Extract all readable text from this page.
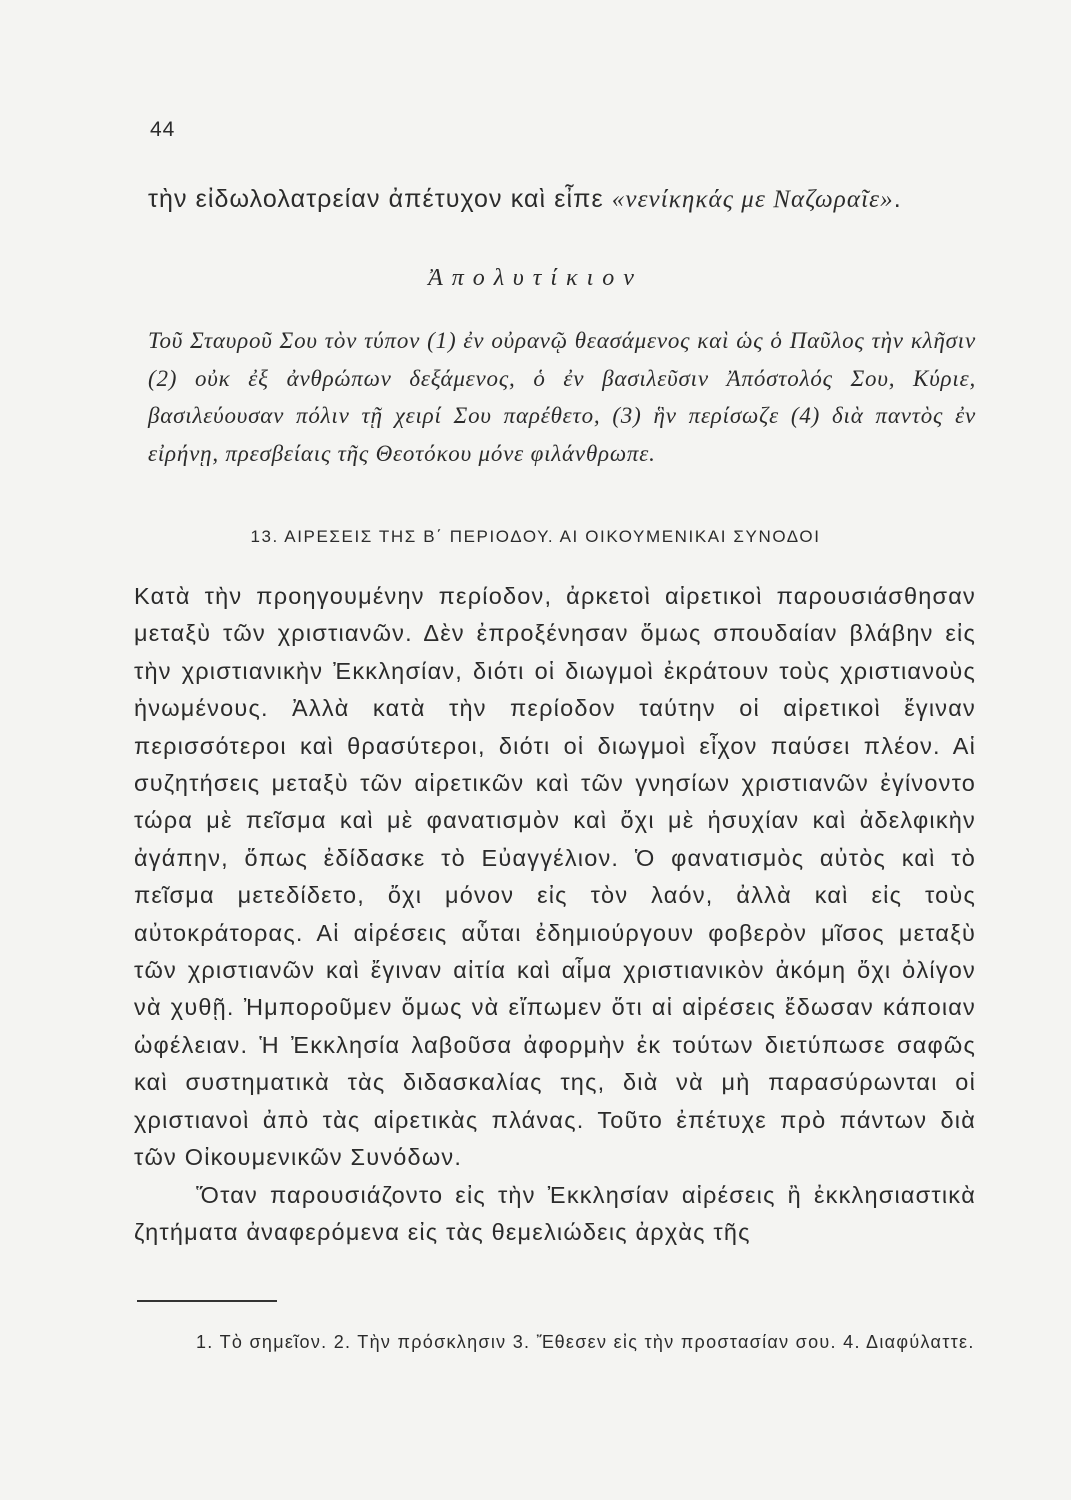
44
τὴν εἰδωλολατρείαν ἀπέτυχον καὶ εἶπε «νενίκηκάς με Ναζωραῖε».
Ἀπολυτίκιον
Τοῦ Σταυροῦ Σου τὸν τύπον (1) ἐν οὐρανῷ θεασάμενος καὶ ὡς ὁ Παῦλος τὴν κλῆσιν (2) οὐκ ἐξ ἀνθρώπων δεξάμενος, ὁ ἐν βασιλεῦσιν Ἀπόστολός Σου, Κύριε, βασιλεύουσαν πόλιν τῇ χειρί Σου παρέθετο, (3) ἣν περίσωζε (4) διὰ παντὸς ἐν εἰρήνῃ, πρεσβείαις τῆς Θεοτόκου μόνε φιλάνθρωπε.
13. ΑΙΡΕΣΕΙΣ ΤΗΣ Β΄ ΠΕΡΙΟΔΟΥ. ΑΙ ΟΙΚΟΥΜΕΝΙΚΑΙ ΣΥΝΟΔΟΙ

Κατὰ τὴν προηγουμένην περίοδον, ἀρκετοὶ αἱρετικοὶ παρουσιάσθησαν μεταξὺ τῶν χριστιανῶν. Δὲν ἐπροξένησαν ὅμως σπουδαίαν βλάβην εἰς τὴν χριστιανικὴν Ἐκκλησίαν, διότι οἱ διωγμοὶ ἐκράτουν τοὺς χριστιανοὺς ἡνωμένους. Ἀλλὰ κατὰ τὴν περίοδον ταύτην οἱ αἱρετικοὶ ἔγιναν περισσότεροι καὶ θρασύτεροι, διότι οἱ διωγμοὶ εἶχον παύσει πλέον. Αἱ συζητήσεις μεταξὺ τῶν αἱρετικῶν καὶ τῶν γνησίων χριστιανῶν ἐγίνοντο τώρα μὲ πεῖσμα καὶ μὲ φανατισμὸν καὶ ὄχι μὲ ἡσυχίαν καὶ ἀδελφικὴν ἀγάπην, ὅπως ἐδίδασκε τὸ Εὐαγγέλιον. Ὁ φανατισμὸς αὐτὸς καὶ τὸ πεῖσμα μετεδίδετο, ὄχι μόνον εἰς τὸν λαόν, ἀλλὰ καὶ εἰς τοὺς αὐτοκράτορας. Αἱ αἱρέσεις αὗται ἐδημιούργουν φοβερὸν μῖσος μεταξὺ τῶν χριστιανῶν καὶ ἔγιναν αἰτία καὶ αἷμα χριστιανικὸν ἀκόμη ὄχι ὀλίγον νὰ χυθῇ. Ἠμποροῦμεν ὅμως νὰ εἴπωμεν ὅτι αἱ αἱρέσεις ἔδωσαν κάποιαν ὠφέλειαν. Ἡ Ἐκκλησία λαβοῦσα ἀφορμὴν ἐκ τούτων διετύπωσε σαφῶς καὶ συστηματικὰ τὰς διδασκαλίας της, διὰ νὰ μὴ παρασύρωνται οἱ χριστιανοὶ ἀπὸ τὰς αἱρετικὰς πλάνας. Τοῦτο ἐπέτυχε πρὸ πάντων διὰ τῶν Οἰκουμενικῶν Συνόδων.

Ὅταν παρουσιάζοντο εἰς τὴν Ἐκκλησίαν αἱρέσεις ἢ ἐκκλησιαστικὰ ζητήματα ἀναφερόμενα εἰς τὰς θεμελιώδεις ἀρχὰς τῆς

1. Τὸ σημεῖον. 2. Τὴν πρόσκλησιν 3. Ἔθεσεν εἰς τὴν προστασίαν σου. 4. Διαφύλαττε.
